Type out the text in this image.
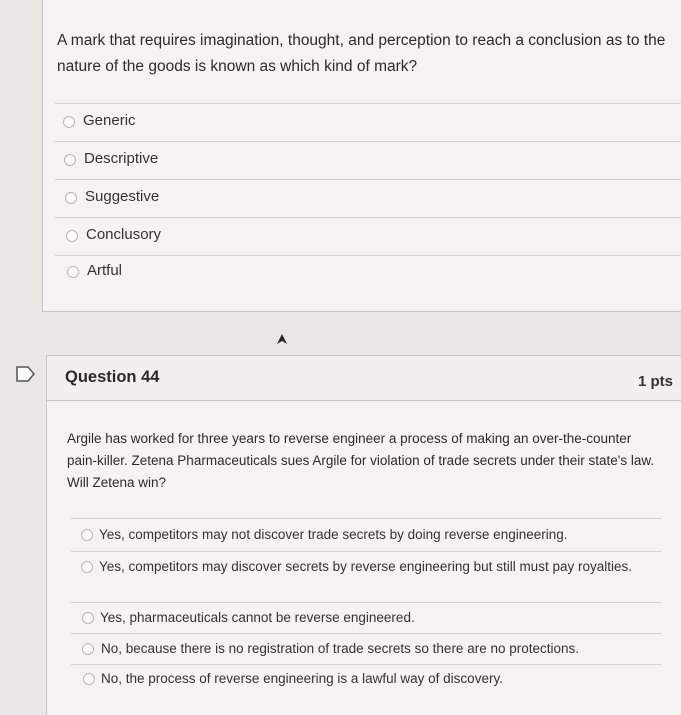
A mark that requires imagination, thought, and perception to reach a conclusion as to the nature of the goods is known as which kind of mark?
Generic
Descriptive
Suggestive
Conclusory
Artful
Question 44	1 pts
Argile has worked for three years to reverse engineer a process of making an over-the-counter pain-killer. Zetena Pharmaceuticals sues Argile for violation of trade secrets under their state's law. Will Zetena win?
Yes, competitors may not discover trade secrets by doing reverse engineering.
Yes, competitors may discover secrets by reverse engineering but still must pay royalties.
Yes, pharmaceuticals cannot be reverse engineered.
No, because there is no registration of trade secrets so there are no protections.
No, the process of reverse engineering is a lawful way of discovery.
